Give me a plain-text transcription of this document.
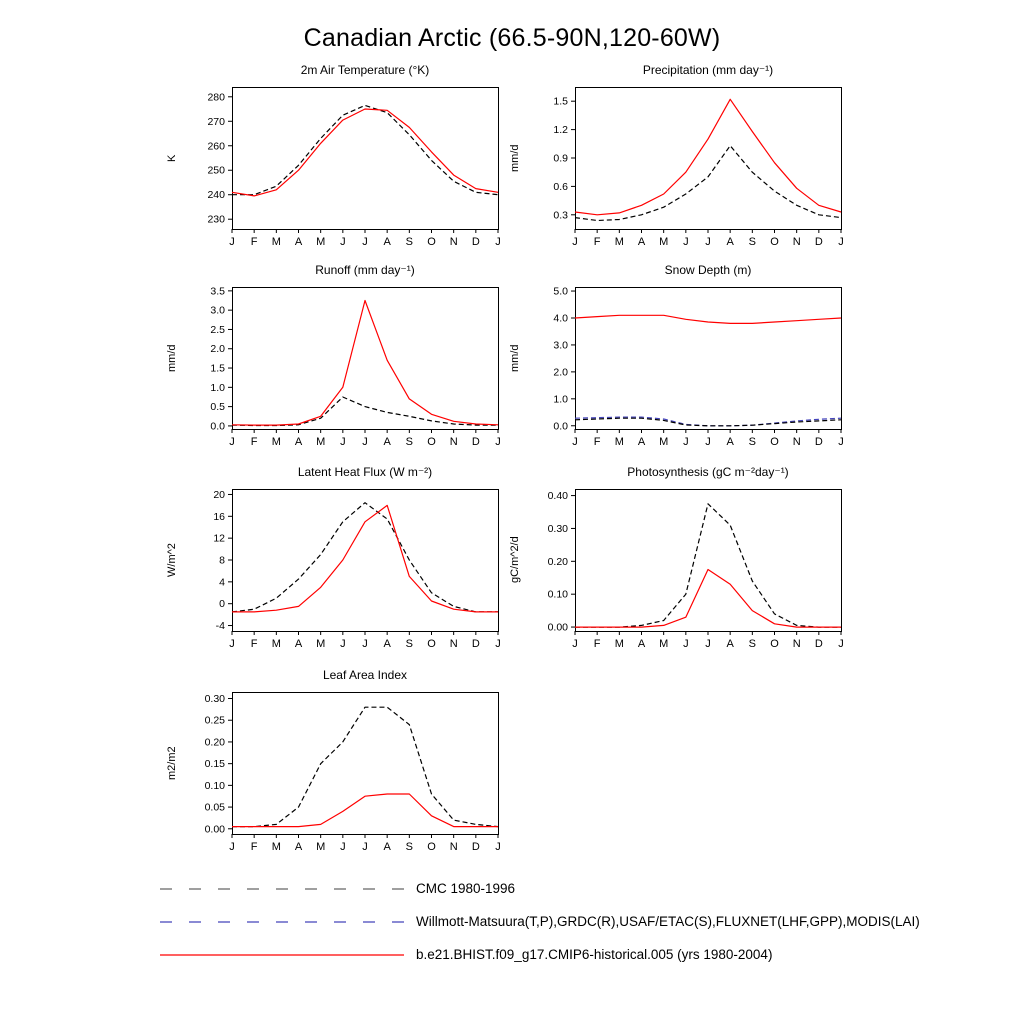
Canadian Arctic (66.5-90N,120-60W)
2m Air Temperature (°K)
K
J F M A M J J A S O N D J
230
240
250
260
270
280
Precipitation (mm day⁻¹)
mm/d
J F M A M J J A S O N D J
0.3
0.6
0.9
1.2
1.5
Runoff (mm day⁻¹)
mm/d
J F M A M J J A S O N D J
0.0
0.5
1.0
1.5
2.0
2.5
3.0
3.5
Snow Depth (m)
mm/d
J F M A M J J A S O N D J
0.0
1.0
2.0
3.0
4.0
5.0
Latent Heat Flux (W m⁻²)
W/m^2
J F M A M J J A S O N D J
-4
0
4
8
12
16
20
Photosynthesis (gC m⁻²day⁻¹)
gC/m^2/d
J F M A M J J A S O N D J
0.00
0.10
0.20
0.30
0.40
Leaf Area Index
m2/m2
J F M A M J J A S O N D J
0.00
0.05
0.10
0.15
0.20
0.25
0.30
CMC 1980-1996
Willmott-Matsuura(T,P),GRDC(R),USAF/ETAC(S),FLUXNET(LHF,GPP),MODIS(LAI)
b.e21.BHIST.f09_g17.CMIP6-historical.005 (yrs 1980-2004)
